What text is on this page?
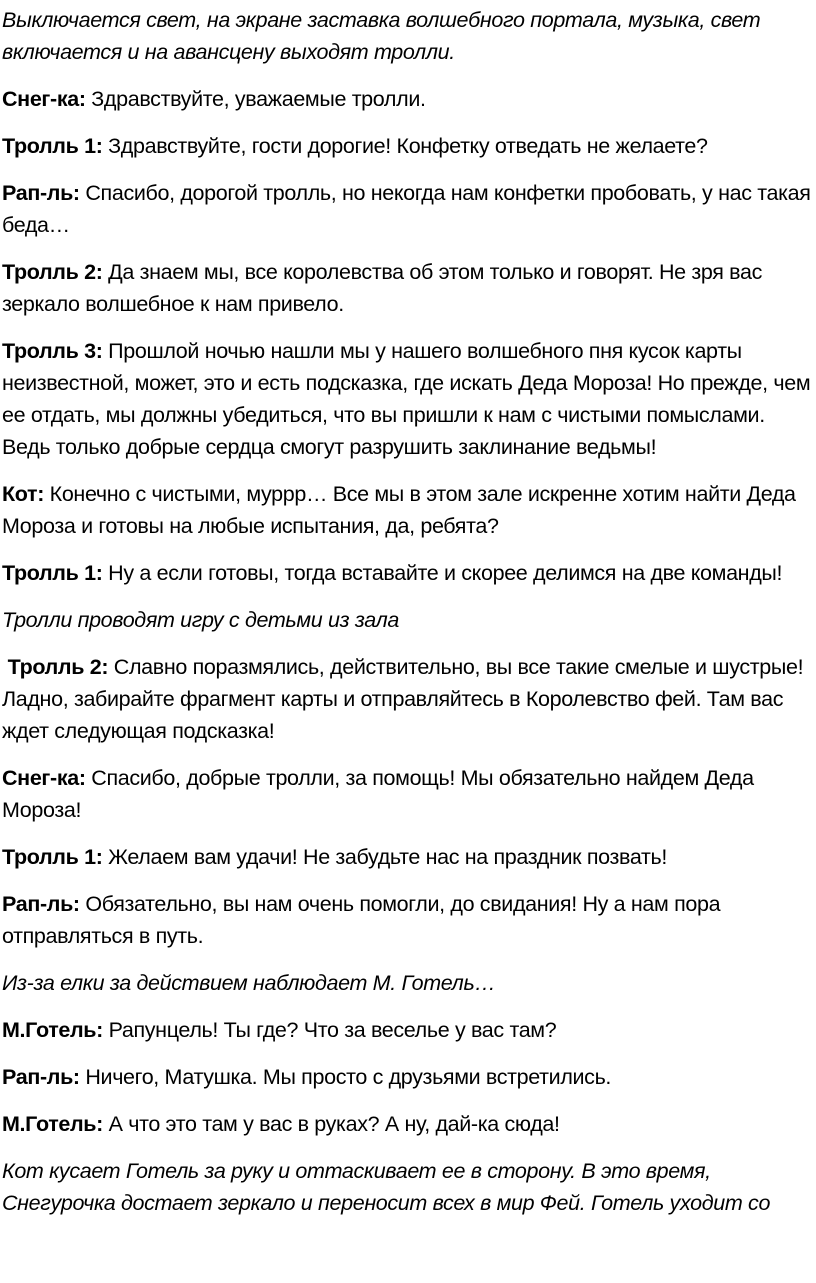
Выключается свет, на экране заставка волшебного портала, музыка, свет включается и на авансцену выходят тролли.

Снег-ка: Здравствуйте, уважаемые тролли.

Тролль 1: Здравствуйте, гости дорогие! Конфетку отведать не желаете?

Рап-ль: Спасибо, дорогой тролль, но некогда нам конфетки пробовать, у нас такая беда…

Тролль 2: Да знаем мы, все королевства об этом только и говорят. Не зря вас зеркало волшебное к нам привело.

Тролль 3: Прошлой ночью нашли мы у нашего волшебного пня кусок карты неизвестной, может, это и есть подсказка, где искать Деда Мороза! Но прежде, чем ее отдать, мы должны убедиться, что вы пришли к нам с чистыми помыслами. Ведь только добрые сердца смогут разрушить заклинание ведьмы!

Кот: Конечно с чистыми, муррр… Все мы в этом зале искренне хотим найти Деда Мороза и готовы на любые испытания, да, ребята?

Тролль 1: Ну а если готовы, тогда вставайте и скорее делимся на две команды!

Тролли проводят игру с детьми из зала

Тролль 2: Славно поразмялись, действительно, вы все такие смелые и шустрые! Ладно, забирайте фрагмент карты и отправляйтесь в Королевство фей. Там вас ждет следующая подсказка!

Снег-ка: Спасибо, добрые тролли, за помощь! Мы обязательно найдем Деда Мороза!

Тролль 1: Желаем вам удачи! Не забудьте нас на праздник позвать!

Рап-ль: Обязательно, вы нам очень помогли, до свидания! Ну а нам пора отправляться в путь.

Из-за елки за действием наблюдает М. Готель…

М.Готель: Рапунцель! Ты где? Что за веселье у вас там?

Рап-ль: Ничего, Матушка. Мы просто с друзьями встретились.

М.Готель: А что это там у вас в руках? А ну, дай-ка сюда!

Кот кусает Готель за руку и оттаскивает ее в сторону. В это время, Снегурочка достает зеркало и переносит всех в мир Фей. Готель уходит со
